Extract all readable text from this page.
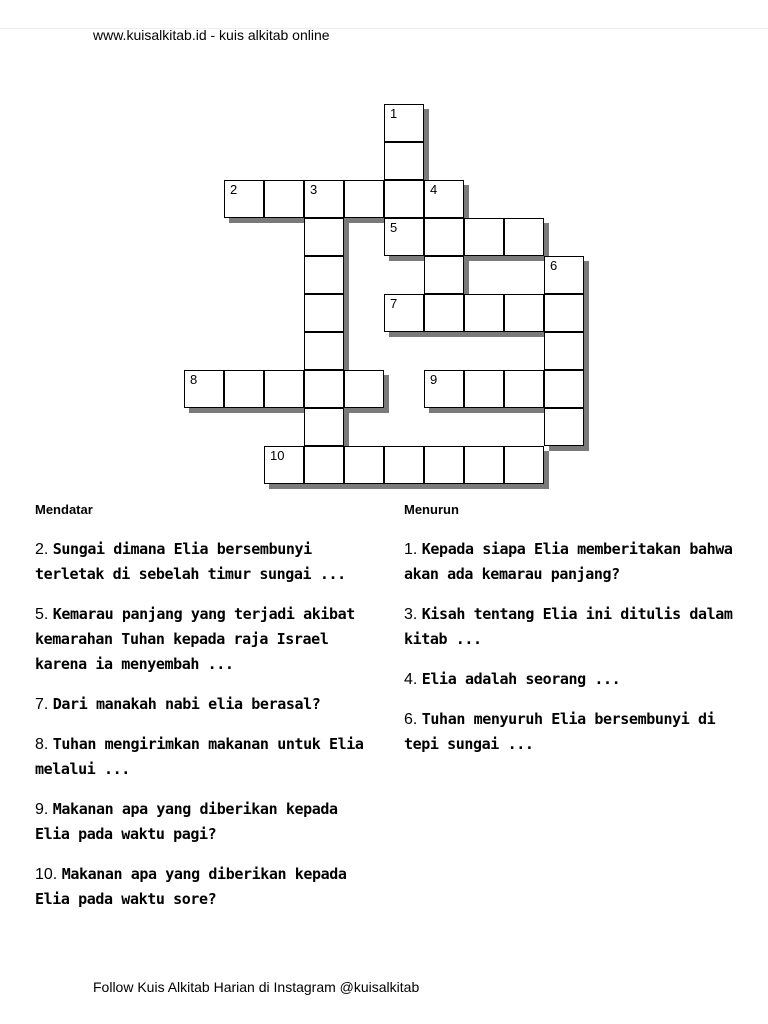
www.kuisalkitab.id - kuis alkitab online
1
2	3	4
5
6
7
8	9
10
Mendatar	Menurun
2. Sungai dimana Elia bersembunyi terletak di sebelah timur sungai ...
5. Kemarau panjang yang terjadi akibat kemarahan Tuhan kepada raja Israel karena ia menyembah ...
7. Dari manakah nabi elia berasal?
8. Tuhan mengirimkan makanan untuk Elia melalui ...
9. Makanan apa yang diberikan kepada Elia pada waktu pagi?
10. Makanan apa yang diberikan kepada Elia pada waktu sore?
1. Kepada siapa Elia memberitakan bahwa akan ada kemarau panjang?
3. Kisah tentang Elia ini ditulis dalam kitab ...
4. Elia adalah seorang ...
6. Tuhan menyuruh Elia bersembunyi di tepi sungai ...
Follow Kuis Alkitab Harian di Instagram @kuisalkitab
